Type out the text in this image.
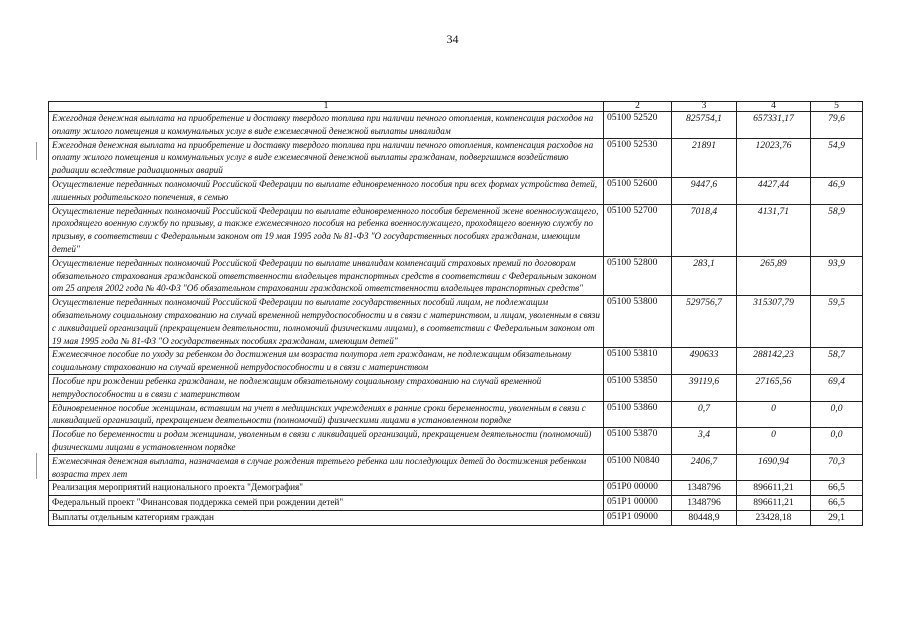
34
1	2	3	4	5
Ежегодная денежная выплата на приобретение и доставку твердого топлива при наличии печного отопления, компенсация расходов на оплату жилого помещения и коммунальных услуг в виде ежемесячной денежной выплаты инвалидам	05100 52520	825754,1	657331,17	79,6
Ежегодная денежная выплата на приобретение и доставку твердого топлива при наличии печного отопления, компенсация расходов на оплату жилого помещения и коммунальных услуг в виде ежемесячной денежной выплаты гражданам, подвергшимся воздействию радиации вследствие радиационных аварий	05100 52530	21891	12023,76	54,9
Осуществление переданных полномочий Российской Федерации по выплате единовременного пособия при всех формах устройства детей, лишенных родительского попечения, в семью	05100 52600	9447,6	4427,44	46,9
Осуществление переданных полномочий Российской Федерации по выплате единовременного пособия беременной жене военнослужащего, проходящего военную службу по призыву, а также ежемесячного пособия на ребенка военнослужащего, проходящего военную службу по призыву, в соответствии с Федеральным законом от 19 мая 1995 года № 81-ФЗ "О государственных пособиях гражданам, имеющим детей"	05100 52700	7018,4	4131,71	58,9
Осуществление переданных полномочий Российской Федерации по выплате инвалидам компенсаций страховых премий по договорам обязательного страхования гражданской ответственности владельцев транспортных средств в соответствии с Федеральным законом от 25 апреля 2002 года № 40-ФЗ "Об обязательном страховании гражданской ответственности владельцев транспортных средств"	05100 52800	283,1	265,89	93,9
Осуществление переданных полномочий Российской Федерации по выплате государственных пособий лицам, не подлежащим обязательному социальному страхованию на случай временной нетрудоспособности и в связи с материнством, и лицам, уволенным в связи с ликвидацией организаций (прекращением деятельности, полномочий физическими лицами), в соответствии с Федеральным законом от 19 мая 1995 года № 81-ФЗ "О государственных пособиях гражданам, имеющим детей"	05100 53800	529756,7	315307,79	59,5
Ежемесячное пособие по уходу за ребенком до достижения им возраста полутора лет гражданам, не подлежащим обязательному социальному страхованию на случай временной нетрудоспособности и в связи с материнством	05100 53810	490633	288142,23	58,7
Пособие при рождении ребенка гражданам, не подлежащим обязательному социальному страхованию на случай временной нетрудоспособности и в связи с материнством	05100 53850	39119,6	27165,56	69,4
Единовременное пособие женщинам, вставшим на учет в медицинских учреждениях в ранние сроки беременности, уволенным в связи с ликвидацией организаций, прекращением деятельности (полномочий) физическими лицами в установленном порядке	05100 53860	0,7	0	0,0
Пособие по беременности и родам женщинам, уволенным в связи с ликвидацией организаций, прекращением деятельности (полномочий) физическими лицами в установленном порядке	05100 53870	3,4	0	0,0
Ежемесячная денежная выплата, назначаемая в случае рождения третьего ребенка или последующих детей до достижения ребенком возраста трех лет	05100 N0840	2406,7	1690,94	70,3
Реализация мероприятий национального проекта "Демография"	051P0 00000	1348796	896611,21	66,5
Федеральный проект "Финансовая поддержка семей при рождении детей"	051P1 00000	1348796	896611,21	66,5
Выплаты отдельным категориям граждан	051P1 09000	80448,9	23428,18	29,1
